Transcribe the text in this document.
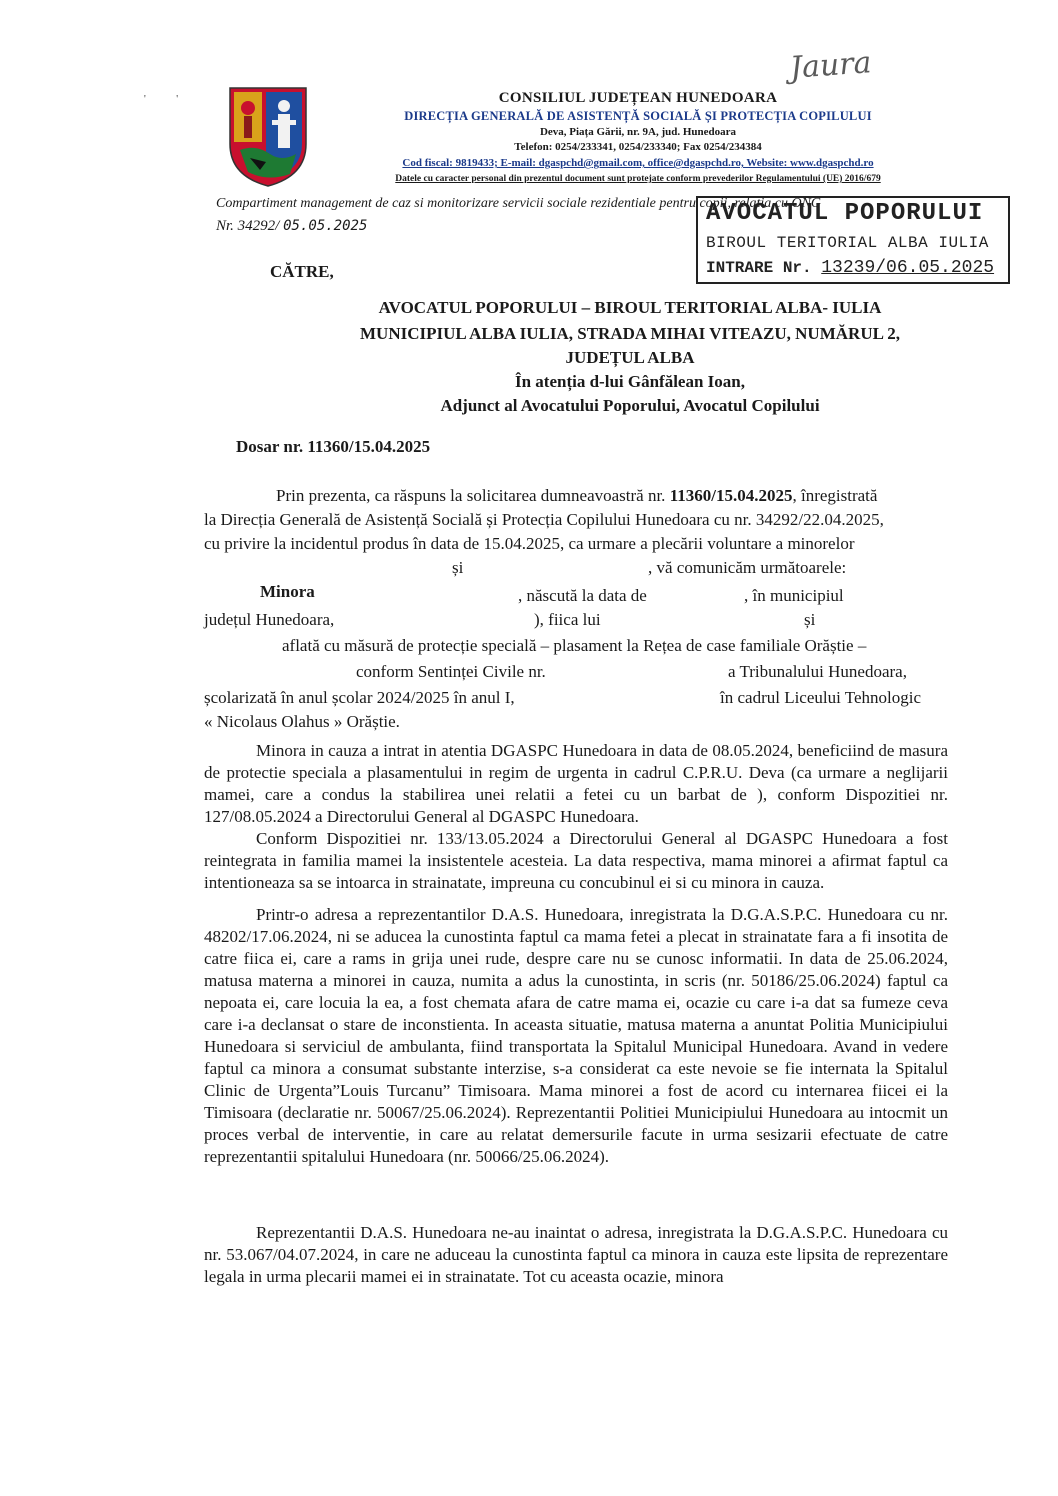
' '
Jaura
CONSILIUL JUDEȚEAN HUNEDOARA
DIRECȚIA GENERALĂ DE ASISTENȚĂ SOCIALĂ ȘI PROTECȚIA COPILULUI
Deva, Piața Gării, nr. 9A, jud. Hunedoara
Telefon: 0254/233341, 0254/233340; Fax 0254/234384
Cod fiscal: 9819433; E-mail: dgaspchd@gmail.com, office@dgaspchd.ro, Website: www.dgaspchd.ro
Datele cu caracter personal din prezentul document sunt protejate conform prevederilor Regulamentului (UE) 2016/679
Compartiment management de caz si monitorizare servicii sociale rezidentiale pentru copii, relatia cu ONG
Nr. 34292/ 05.05.2025	AVOCATUL POPORULUI
BIROUL TERITORIAL ALBA IULIA
INTRARE Nr. 13239/06.05.2025
CĂTRE,
AVOCATUL POPORULUI – BIROUL TERITORIAL ALBA- IULIA
MUNICIPIUL ALBA IULIA, STRADA MIHAI VITEAZU, NUMĂRUL 2,
JUDEȚUL ALBA
În atenția d-lui Gânfălean Ioan,
Adjunct al Avocatului Poporului, Avocatul Copilului
Dosar nr. 11360/15.04.2025
Prin prezenta, ca răspuns la solicitarea dumneavoastră nr. 11360/15.04.2025, înregistrată
la Direcția Generală de Asistență Socială și Protecția Copilului Hunedoara cu nr. 34292/22.04.2025,
cu privire la incidentul produs în data de 15.04.2025, ca urmare a plecării voluntare a minorelor
și	, vă comunicăm următoarele:
Minora	, născută la data de	, în municipiul
județul Hunedoara,	), fiica lui	și
aflată cu măsură de protecție specială – plasament la Rețea de case familiale Orăștie –
conform Sentinței Civile nr.	a Tribunalului Hunedoara,
școlarizată în anul școlar 2024/2025 în anul I,	în cadrul Liceului Tehnologic
« Nicolaus Olahus » Orăștie.
Minora in cauza a intrat in atentia DGASPC Hunedoara in data de 08.05.2024, beneficiind de masura de protectie speciala a plasamentului in regim de urgenta in cadrul C.P.R.U. Deva (ca urmare a neglijarii mamei, care a condus la stabilirea unei relatii a fetei cu un barbat de ), conform Dispozitiei nr. 127/08.05.2024 a Directorului General al DGASPC Hunedoara.
Conform Dispozitiei nr. 133/13.05.2024 a Directorului General al DGASPC Hunedoara a fost reintegrata in familia mamei la insistentele acesteia. La data respectiva, mama minorei a afirmat faptul ca intentioneaza sa se intoarca in strainatate, impreuna cu concubinul ei si cu minora in cauza.
Printr-o adresa a reprezentantilor D.A.S. Hunedoara, inregistrata la D.G.A.S.P.C. Hunedoara cu nr. 48202/17.06.2024, ni se aducea la cunostinta faptul ca mama fetei a plecat in strainatate fara a fi insotita de catre fiica ei, care a rams in grija unei rude, despre care nu se cunosc informatii. In data de 25.06.2024, matusa materna a minorei in cauza, numita a adus la cunostinta, in scris (nr. 50186/25.06.2024) faptul ca nepoata ei, care locuia la ea, a fost chemata afara de catre mama ei, ocazie cu care i-a dat sa fumeze ceva care i-a declansat o stare de inconstienta. In aceasta situatie, matusa materna a anuntat Politia Municipiului Hunedoara si serviciul de ambulanta, fiind transportata la Spitalul Municipal Hunedoara. Avand in vedere faptul ca minora a consumat substante interzise, s-a considerat ca este nevoie se fie internata la Spitalul Clinic de Urgenta”Louis Turcanu” Timisoara. Mama minorei a fost de acord cu internarea fiicei ei la Timisoara (declaratie nr. 50067/25.06.2024). Reprezentantii Politiei Municipiului Hunedoara au intocmit un proces verbal de interventie, in care au relatat demersurile facute in urma sesizarii efectuate de catre reprezentantii spitalului Hunedoara (nr. 50066/25.06.2024).
Reprezentantii D.A.S. Hunedoara ne-au inaintat o adresa, inregistrata la D.G.A.S.P.C. Hunedoara cu nr. 53.067/04.07.2024, in care ne aduceau la cunostinta faptul ca minora in cauza este lipsita de reprezentare legala in urma plecarii mamei ei in strainatate. Tot cu aceasta ocazie, minora
